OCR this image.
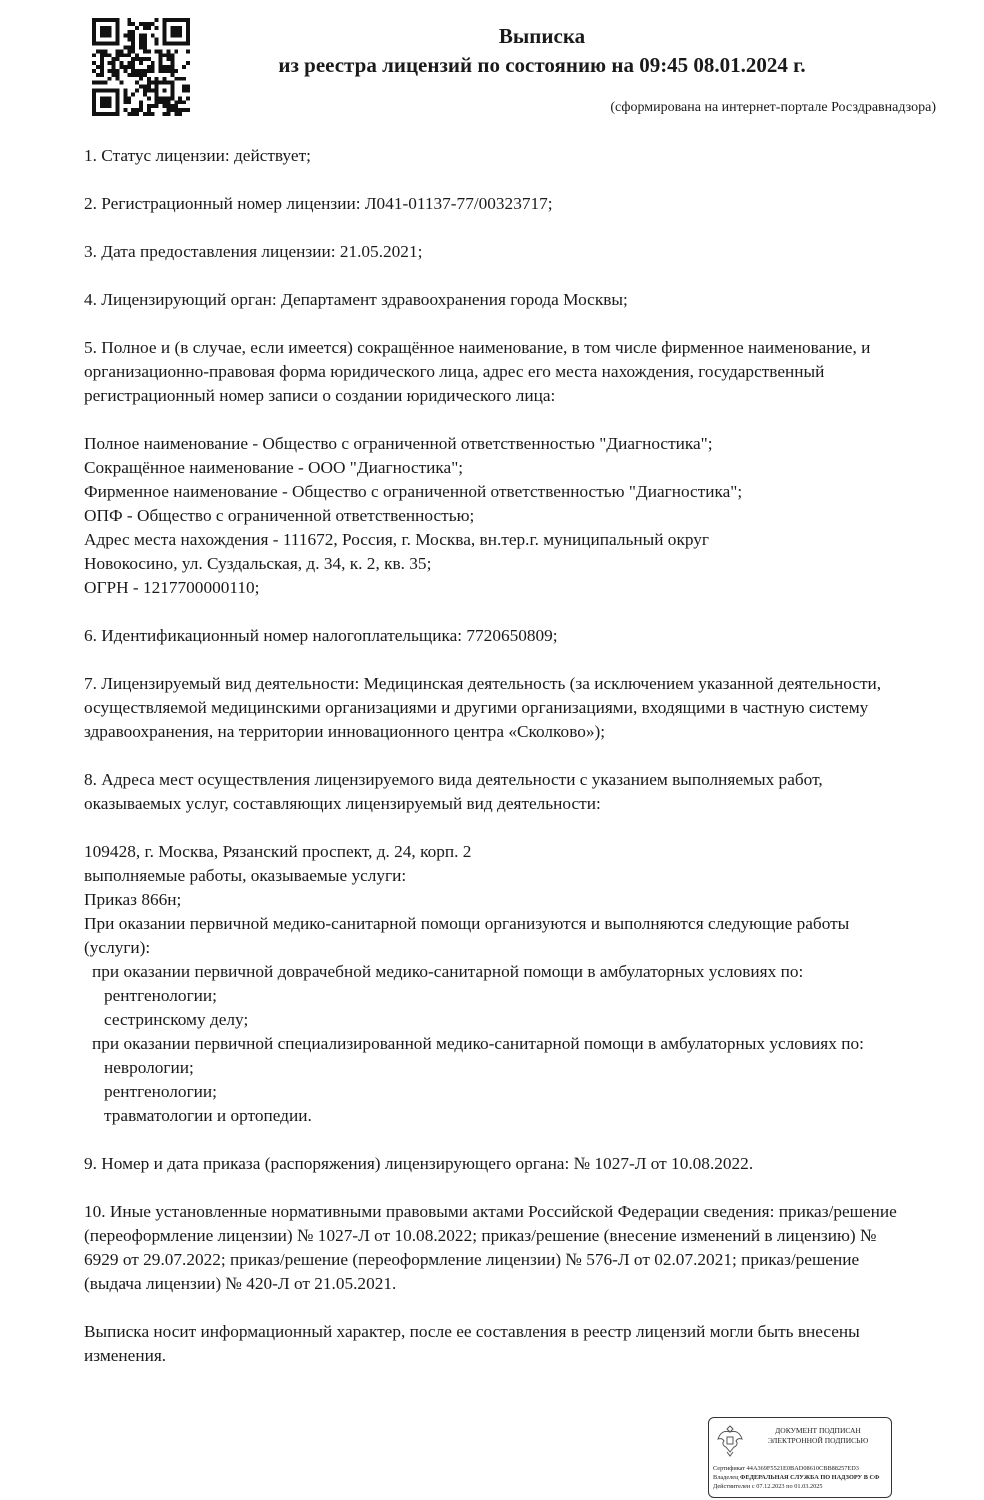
Выписка
из реестра лицензий по состоянию на 09:45 08.01.2024 г.
(сформирована на интернет-портале Росздравнадзора)

1. Статус лицензии: действует;

2. Регистрационный номер лицензии: Л041-01137-77/00323717;

3. Дата предоставления лицензии: 21.05.2021;

4. Лицензирующий орган: Департамент здравоохранения города Москвы;

5. Полное и (в случае, если имеется) сокращённое наименование, в том числе фирменное наименование, и организационно-правовая форма юридического лица, адрес его места нахождения, государственный регистрационный номер записи о создании юридического лица:

Полное наименование - Общество с ограниченной ответственностью "Диагностика";

Сокращённое наименование - ООО "Диагностика";

Фирменное наименование - Общество с ограниченной ответственностью "Диагностика";

ОПФ - Общество с ограниченной ответственностью;

Адрес места нахождения - 111672, Россия, г. Москва, вн.тер.г. муниципальный округ

Новокосино, ул. Суздальская, д. 34, к. 2, кв. 35;

ОГРН - 1217700000110;

6. Идентификационный номер налогоплательщика: 7720650809;

7. Лицензируемый вид деятельности: Медицинская деятельность (за исключением указанной деятельности, осуществляемой медицинскими организациями и другими организациями, входящими в частную систему здравоохранения, на территории инновационного центра «Сколково»);

8. Адреса мест осуществления лицензируемого вида деятельности с указанием выполняемых работ, оказываемых услуг, составляющих лицензируемый вид деятельности:

109428, г. Москва, Рязанский проспект, д. 24, корп. 2

выполняемые работы, оказываемые услуги:

Приказ 866н;

При оказании первичной медико-санитарной помощи организуются и выполняются следующие работы (услуги):

при оказании первичной доврачебной медико-санитарной помощи в амбулаторных условиях по:

рентгенологии;

сестринскому делу;

при оказании первичной специализированной медико-санитарной помощи в амбулаторных условиях по:

неврологии;

рентгенологии;

травматологии и ортопедии.

9. Номер и дата приказа (распоряжения) лицензирующего органа: № 1027-Л от 10.08.2022.

10. Иные установленные нормативными правовыми актами Российской Федерации сведения: приказ/решение (переоформление лицензии) № 1027-Л от 10.08.2022; приказ/решение (внесение изменений в лицензию) № 6929 от 29.07.2022; приказ/решение (переоформление лицензии) № 576-Л от 02.07.2021; приказ/решение (выдача лицензии) № 420-Л от 21.05.2021.

Выписка носит информационный характер, после ее составления в реестр лицензий могли быть внесены изменения.

ДОКУМЕНТ ПОДПИСАН
ЭЛЕКТРОННОЙ ПОДПИСЬЮ
Сертификат 44A369F5521E0BAD08610CBB88257ED3
Владелец ФЕДЕРАЛЬНАЯ СЛУЖБА ПО НАДЗОРУ В СФ
Действителен с 07.12.2023 по 01.03.2025
